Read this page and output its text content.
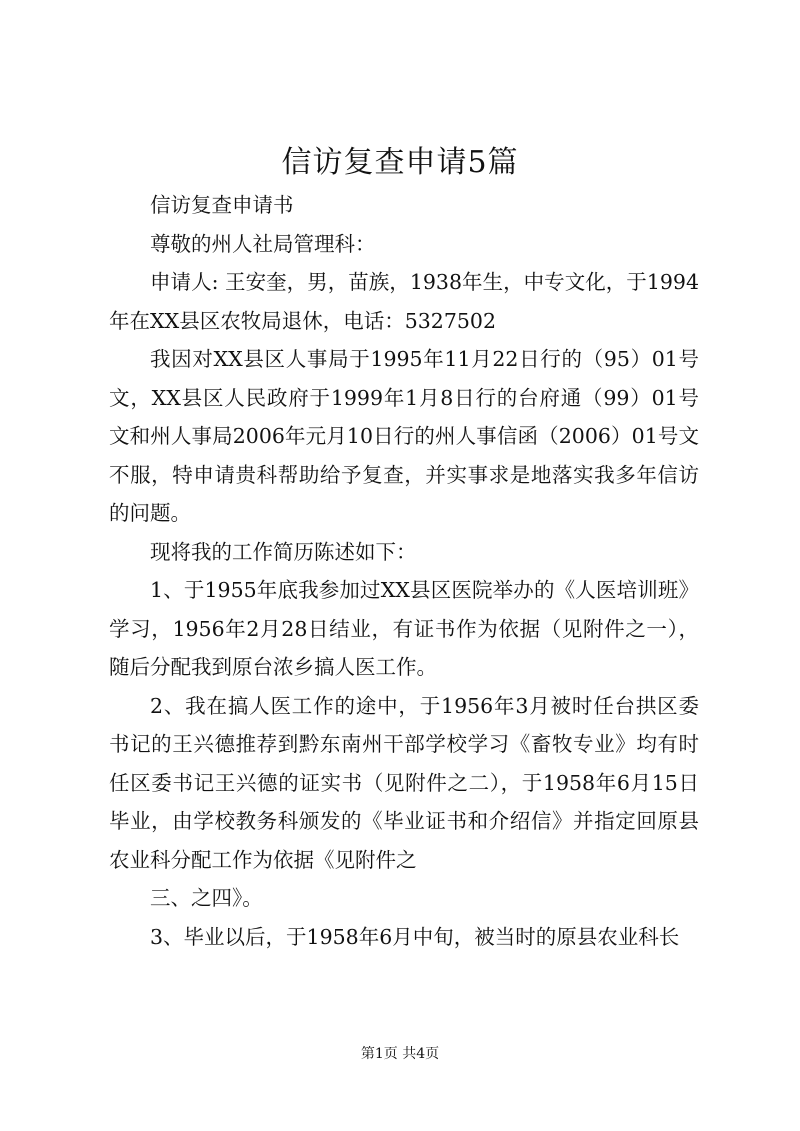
信访复查申请5篇

信访复查申请书

尊敬的州人社局管理科：

申请人: 王安奎，男，苗族，1938年生，中专文化，于1994年在XX县区农牧局退休，电话：5327502

我因对XX县区人事局于1995年11月22日行的（95）01号文，XX县区人民政府于1999年1月8日行的台府通（99）01号文和州人事局2006年元月10日行的州人事信函（2006）01号文不服，特申请贵科帮助给予复查，并实事求是地落实我多年信访的问题。

现将我的工作简历陈述如下：

1、于1955年底我参加过XX县区医院举办的《人医培训班》学习，1956年2月28日结业，有证书作为依据（见附件之一），随后分配我到原台浓乡搞人医工作。

2、我在搞人医工作的途中，于1956年3月被时任台拱区委书记的王兴德推荐到黔东南州干部学校学习《畜牧专业》均有时任区委书记王兴德的证实书（见附件之二），于1958年6月15日毕业，由学校教务科颁发的《毕业证书和介绍信》并指定回原县农业科分配工作为依据《见附件之

三、之四》。

3、毕业以后，于1958年6月中旬，被当时的原县农业科长

第1页 共4页
